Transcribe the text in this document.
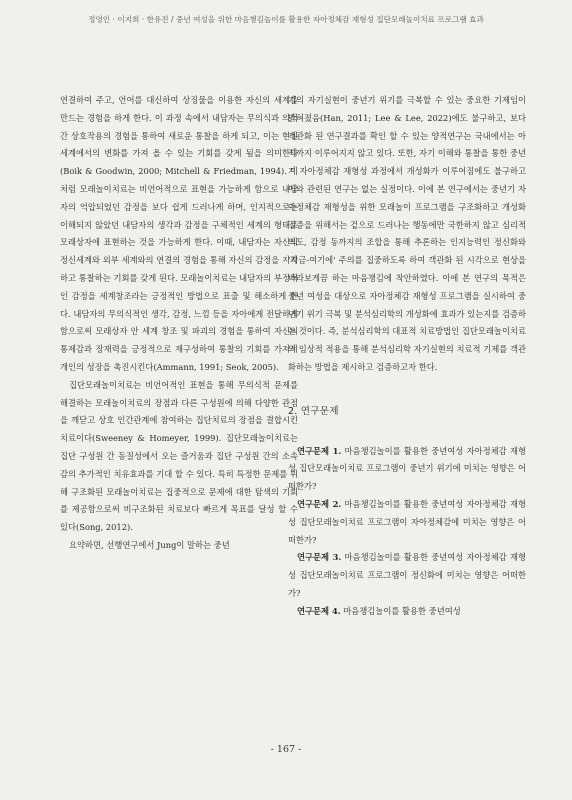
정영인 · 이지희 · 한유진 / 중년 여성을 위한 마음챙김놀이를 활용한 자아정체감 재형성 집단모래놀이치료 프로그램 효과

연결하여 주고, 언어를 대신하여 상징물을 이용한 자신의 세계를 만드는 경험을 하게 한다. 이 과정 속에서 내담자는 무의식과 의식간 상호작용의 경험을 통하여 새로운 통찰을 하게 되고, 이는 현실 세계에서의 변화를 가져 올 수 있는 기회를 갖게 됨을 의미한다(Boik & Goodwin, 2000; Mitchell & Friedman, 1994). 이처럼 모래놀이치료는 비언어적으로 표현을 가능하게 함으로 내담자의 억압되었던 감정을 보다 쉽게 드러나게 하며, 인지적으로는 이해되지 않았던 내담자의 생각과 감정을 구체적인 세계의 형태로 모래상자에 표현하는 것을 가능하게 한다. 이때, 내담자는 자신의 정신세계와 외부 세계와의 연결의 경험을 통해 자신의 감정을 지각하고 통찰하는 기회를 갖게 된다. 모래놀이치료는 내담자의 부정적인 감정을 세계창조라는 긍정적인 방법으로 표출 및 해소하게 한다. 내담자의 무의식적인 생각, 감정, 느낌 등을 자아에게 전달하게 함으로써 모래상자 안 세계 창조 및 파괴의 경험을 통하여 자신의 통제감과 장재력을 긍정적으로 재구성하여 통찰의 기회를 가져서 개인의 성장을 촉진시킨다(Ammann, 1991; Seok, 2005).

집단모래놀이치료는 비언어적인 표현을 통해 무의식적 문제를 해결하는 모래놀이치료의 장점과 다른 구성원에 의해 다양한 관점을 깨닫고 상호 인간관계에 참여하는 집단치료의 장점을 결합시킨 치료이다(Sweeney & Homeyer, 1999). 집단모래놀이치료는 집단 구성원 간 동질성에서 오는 즐거움과 집단 구성원 간의 소속감의 추가적인 치유효과를 기대 할 수 있다. 특히 특정한 문제를 위해 구조화된 모래놀이치료는 집중적으로 문제에 대한 탐색의 기회를 제공함으로써 비구조화된 치료보다 빠르게 목표를 달성 할 수 있다(Song, 2012).

요약하면, 선행연구에서 Jung이 말하는 중년

기의 자기실현이 중년기 위기를 극복할 수 있는 중요한 기제임이 밝혀졌음(Han, 2011; Lee & Lee, 2022)에도 불구하고, 보다 객관화 된 연구결과를 확인 할 수 있는 양적연구는 국내에서는 아직까지 이루어지지 않고 있다. 또한, 자기 이해와 통찰을 통한 중년기 자아정체감 재형성 과정에서 개성화가 이루어짐에도 불구하고 이와 관련된 연구는 없는 실정이다. 이에 본 연구에서는 중년기 자아정체감 재형성을 위한 모래놀이 프로그램을 구조화하고 개성화 검증을 위해서는 겉으로 드러나는 행동에만 국한하지 않고 심리적 의도, 감정 동까지의 조합을 통해 추론하는 인지능력인 정신화와 '지금-여기에' 주의를 집중하도록 하여 객관화 된 시각으로 현상을 바라보게끔 하는 마음챙김에 착안하였다. 이에 본 연구의 목적은 중년 여성을 대상으로 자아정체감 재형성 프로그램을 실시하여 중년기 위기 극복 및 분석심리학의 개성화에 효과가 있는지를 검증하는 것이다. 즉, 분석심리학의 대표적 치료방법인 집단모래놀이치료의 임상적 적용을 통해 분석심리학 자기실현의 치료적 기제를 객관화하는 방법을 제시하고 검증하고자 한다.

2. 연구문제

연구문제 1. 마음챙김놀이를 활용한 중년여성 자아정체감 재형성 집단모래놀이치료 프로그램이 중년기 위기에 미치는 영향은 어떠한가?

연구문제 2. 마음챙김놀이를 활용한 중년여성 자아정체감 재형성 집단모래놀이치료 프로그램이 자아정체감에 미치는 영향은 어떠한가?

연구문제 3. 마음챙김놀이를 활용한 중년여성 자아정체감 재형성 집단모래놀이치료 프로그램이 정신화에 미치는 영향은 어떠한가?

연구문제 4. 마음챙김놀이를 활용한 중년여성

- 167 -
